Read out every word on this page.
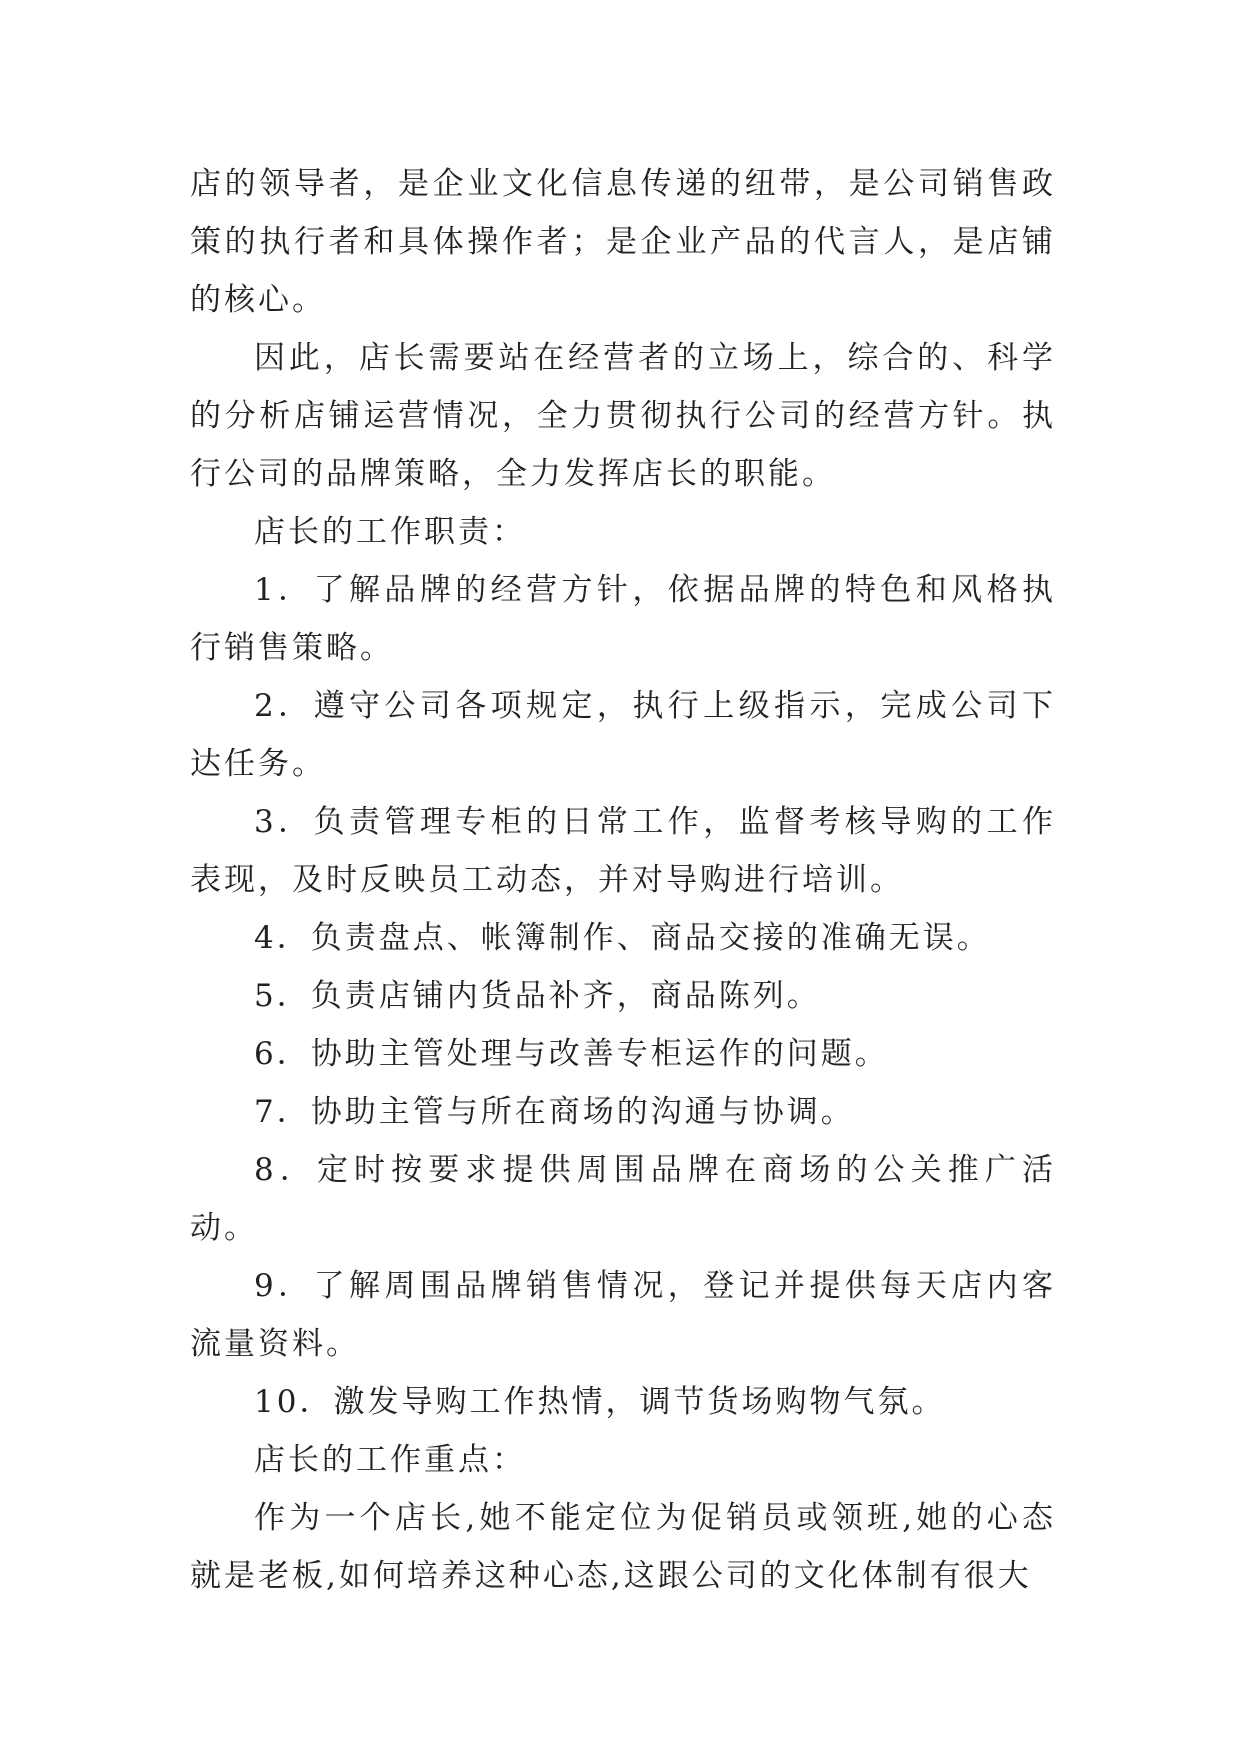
店的领导者，是企业文化信息传递的纽带，是公司销售政策的执行者和具体操作者；是企业产品的代言人，是店铺的核心。

因此，店长需要站在经营者的立场上，综合的、科学的分析店铺运营情况，全力贯彻执行公司的经营方针。执行公司的品牌策略，全力发挥店长的职能。

店长的工作职责：

1．了解品牌的经营方针，依据品牌的特色和风格执行销售策略。

2．遵守公司各项规定，执行上级指示，完成公司下达任务。

3．负责管理专柜的日常工作，监督考核导购的工作表现，及时反映员工动态，并对导购进行培训。

4．负责盘点、帐簿制作、商品交接的准确无误。

5．负责店铺内货品补齐，商品陈列。

6．协助主管处理与改善专柜运作的问题。

7．协助主管与所在商场的沟通与协调。

8．定时按要求提供周围品牌在商场的公关推广活动。

9．了解周围品牌销售情况，登记并提供每天店内客流量资料。

10．激发导购工作热情，调节货场购物气氛。

店长的工作重点：

作为一个店长,她不能定位为促销员或领班,她的心态就是老板,如何培养这种心态,这跟公司的文化体制有很大
